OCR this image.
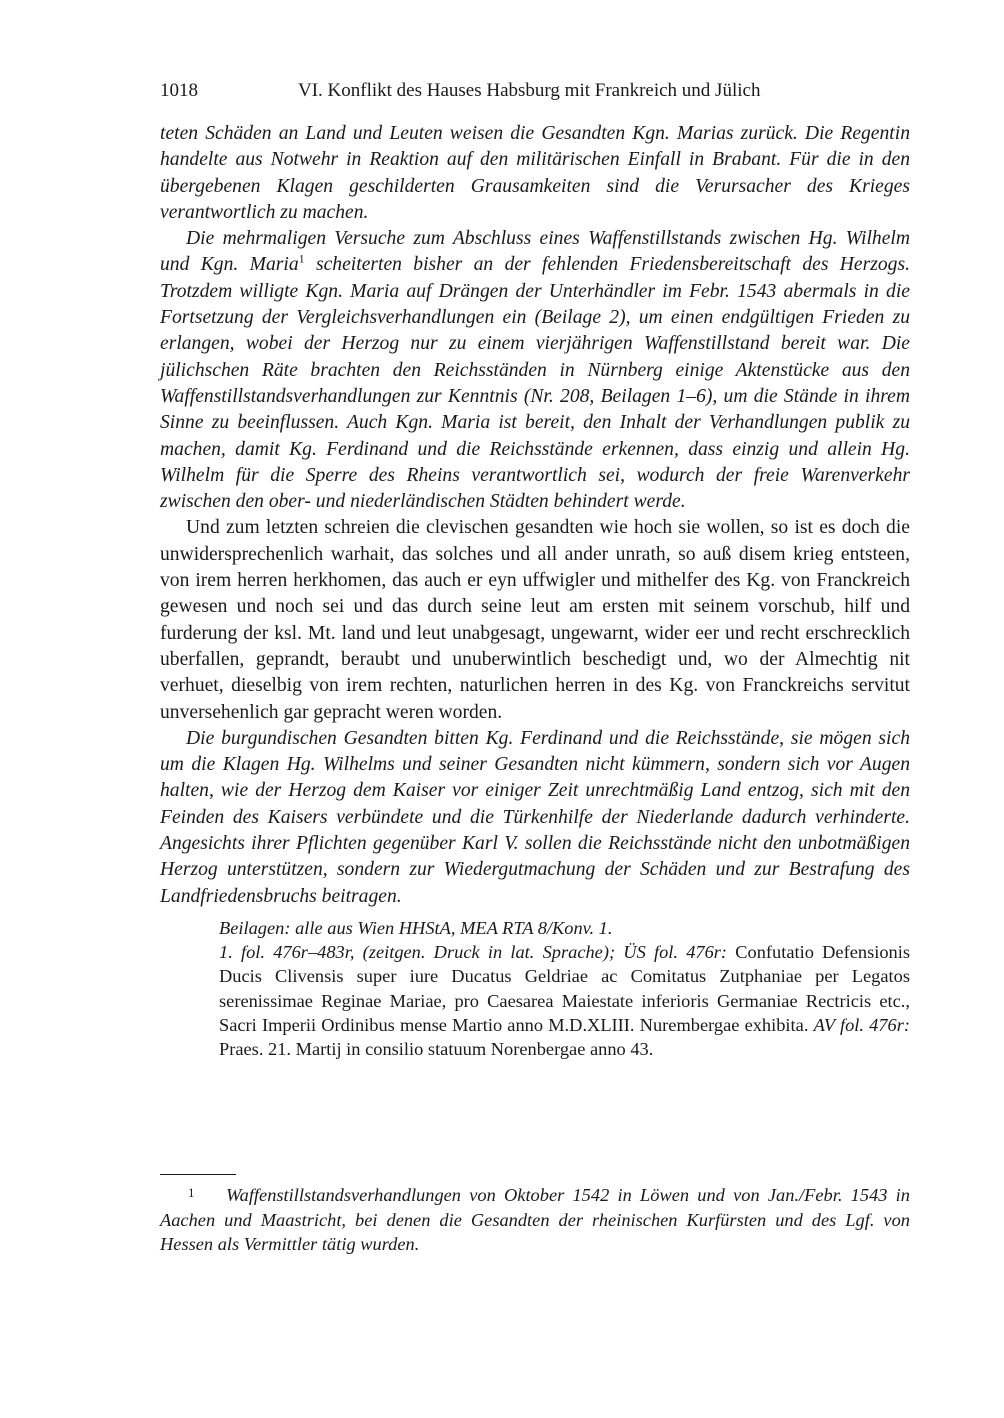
1018	VI. Konflikt des Hauses Habsburg mit Frankreich und Jülich

teten Schäden an Land und Leuten weisen die Gesandten Kgn. Marias zurück. Die Regentin handelte aus Notwehr in Reaktion auf den militärischen Einfall in Brabant. Für die in den übergebenen Klagen geschilderten Grausamkeiten sind die Verursacher des Krieges verantwortlich zu machen.

Die mehrmaligen Versuche zum Abschluss eines Waffenstillstands zwischen Hg. Wilhelm und Kgn. Maria$^1$ scheiterten bisher an der fehlenden Friedensbereitschaft des Herzogs. Trotzdem willigte Kgn. Maria auf Drängen der Unterhändler im Febr. 1543 abermals in die Fortsetzung der Vergleichsverhandlungen ein (Beilage 2), um einen endgültigen Frieden zu erlangen, wobei der Herzog nur zu einem vierjährigen Waffenstillstand bereit war. Die jülichschen Räte brachten den Reichsständen in Nürnberg einige Aktenstücke aus den Waffenstillstandsverhandlungen zur Kenntnis (Nr. 208, Beilagen 1–6), um die Stände in ihrem Sinne zu beeinflussen. Auch Kgn. Maria ist bereit, den Inhalt der Verhandlungen publik zu machen, damit Kg. Ferdinand und die Reichsstände erkennen, dass einzig und allein Hg. Wilhelm für die Sperre des Rheins verantwortlich sei, wodurch der freie Warenverkehr zwischen den ober- und niederländischen Städten behindert werde.

Und zum letzten schreien die clevischen gesandten wie hoch sie wollen, so ist es doch die unwidersprechenlich warhait, das solches und all ander unrath, so auß disem krieg entsteen, von irem herren herkhomen, das auch er eyn uffwigler und mithelfer des Kg. von Franckreich gewesen und noch sei und das durch seine leut am ersten mit seinem vorschub, hilf und furderung der ksl. Mt. land und leut unabgesagt, ungewarnt, wider eer und recht erschrecklich uberfallen, geprandt, beraubt und unuberwintlich beschedigt und, wo der Almechtig nit verhuet, dieselbig von irem rechten, naturlichen herren in des Kg. von Franckreichs servitut unversehenlich gar gepracht weren worden.

Die burgundischen Gesandten bitten Kg. Ferdinand und die Reichsstände, sie mögen sich um die Klagen Hg. Wilhelms und seiner Gesandten nicht kümmern, sondern sich vor Augen halten, wie der Herzog dem Kaiser vor einiger Zeit unrechtmäßig Land entzog, sich mit den Feinden des Kaisers verbündete und die Türkenhilfe der Niederlande dadurch verhinderte. Angesichts ihrer Pflichten gegenüber Karl V. sollen die Reichsstände nicht den unbotmäßigen Herzog unterstützen, sondern zur Wiedergutmachung der Schäden und zur Bestrafung des Landfriedensbruchs beitragen.

Beilagen: alle aus Wien HHStA, MEA RTA 8/Konv. 1.

1. fol. 476r–483r, (zeitgen. Druck in lat. Sprache); ÜS fol. 476r: Confutatio Defensionis Ducis Clivensis super iure Ducatus Geldriae ac Comitatus Zutphaniae per Legatos serenissimae Reginae Mariae, pro Caesarea Maiestate inferioris Germaniae Rectricis etc., Sacri Imperii Ordinibus mense Martio anno M.D.XLIII. Nurembergae exhibita. AV fol. 476r: Praes. 21. Martij in consilio statuum Norenbergae anno 43.

1 Waffenstillstandsverhandlungen von Oktober 1542 in Löwen und von Jan./Febr. 1543 in Aachen und Maastricht, bei denen die Gesandten der rheinischen Kurfürsten und des Lgf. von Hessen als Vermittler tätig wurden.
